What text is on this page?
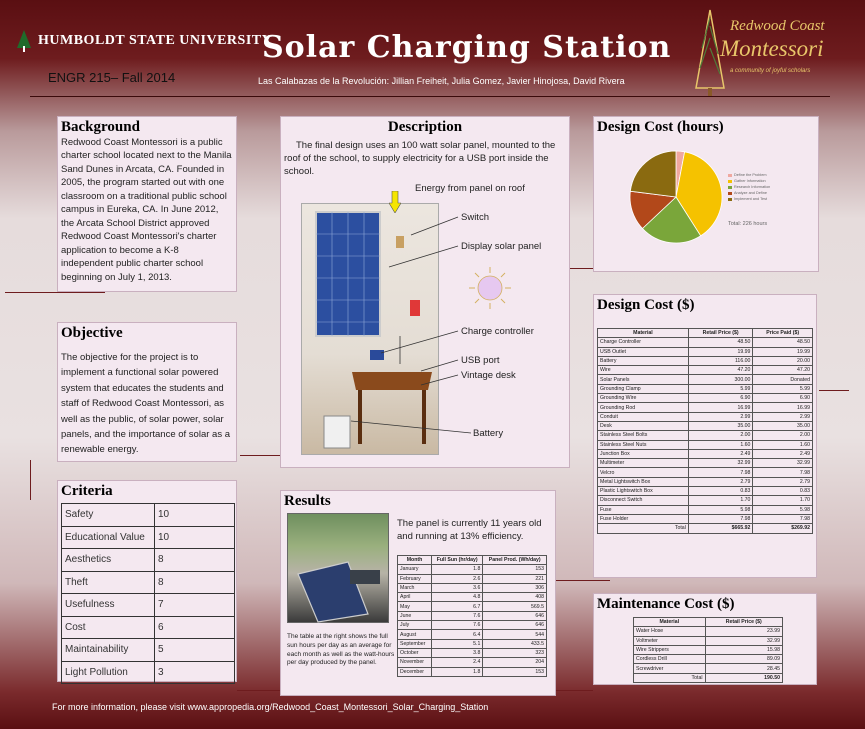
HUMBOLDT STATE UNIVERSITY
Solar Charging Station
ENGR 215– Fall 2014	Las Calabazas de la Revolución: Jillian Freiheit, Julia Gomez, Javier Hinojosa, David Rivera
Redwood Coast
Montessori
a community of joyful scholars
Background
Redwood Coast Montessori is a public charter school located next to the Manila Sand Dunes in Arcata, CA. Founded in 2005, the program started out with one classroom on a traditional public school campus in Eureka, CA. In June 2012, the Arcata School District approved Redwood Coast Montessori's charter application to become a K-8 independent public charter school beginning on July 1, 2013.
Objective
The objective for the project is to implement a functional solar powered system that educates the students and staff of Redwood Coast Montessori, as well as the public, of solar power, solar panels, and the importance of solar as a renewable energy.
Criteria
Safety	10
Educational Value	10
Aesthetics	8
Theft	8
Usefulness	7
Cost	6
Maintainability	5
Light Pollution	3
Description
The final design uses an 100 watt solar panel, mounted to the roof of the school, to supply electricity for a USB port inside the school.
Energy from panel on roof
Switch
Display solar panel
Charge controller
USB port
Vintage desk
Battery
Results
The table at the right shows the full sun hours per day as an average for each month as well as the watt-hours per day produced by the panel.
The panel is currently 11 years old and running at 13% efficiency.
Month	Full Sun (hr/day)	Panel Prod. (Wh/day)
January	1.8	153
February	2.6	221
March	3.6	306
April	4.8	408
May	6.7	569.5
June	7.6	646
July	7.6	646
August	6.4	544
September	5.1	433.5
October	3.8	323
November	2.4	204
December	1.8	153
Design Cost (hours)
Define the Problem
Gather Information
Research Information
Analyze and Define
Implement and Test
Total: 226 hours
Design Cost ($)
Material	Retail Price ($)	Price Paid ($)
Charge Controller	48.50	48.50
USB Outlet	19.99	19.99
Battery	116.00	20.00
Wire	47.20	47.20
Solar Panels	300.00	Donated
Grounding Clamp	5.99	5.99
Grounding Wire	6.90	6.90
Grounding Rod	16.99	16.99
Conduit	2.99	2.99
Desk	35.00	35.00
Stainless Steel Bolts	2.00	2.00
Stainless Steel Nuts	1.60	1.60
Junction Box	2.49	2.49
Multimeter	32.99	32.99
Velcro	7.98	7.98
Metal Lightswitch Box	2.79	2.79
Plastic Lightswitch Box	0.83	0.83
Disconnect Switch	1.70	1.70
Fuse	5.98	5.98
Fuse Holder	7.98	7.98
Total	$665.92	$269.92
Maintenance Cost ($)
Material	Retail Price ($)
Water Hose	23.99
Voltmeter	32.99
Wire Strippers	15.98
Cordless Drill	89.09
Screwdriver	28.45
Total	190.50
For more information, please visit www.appropedia.org/Redwood_Coast_Montessori_Solar_Charging_Station
